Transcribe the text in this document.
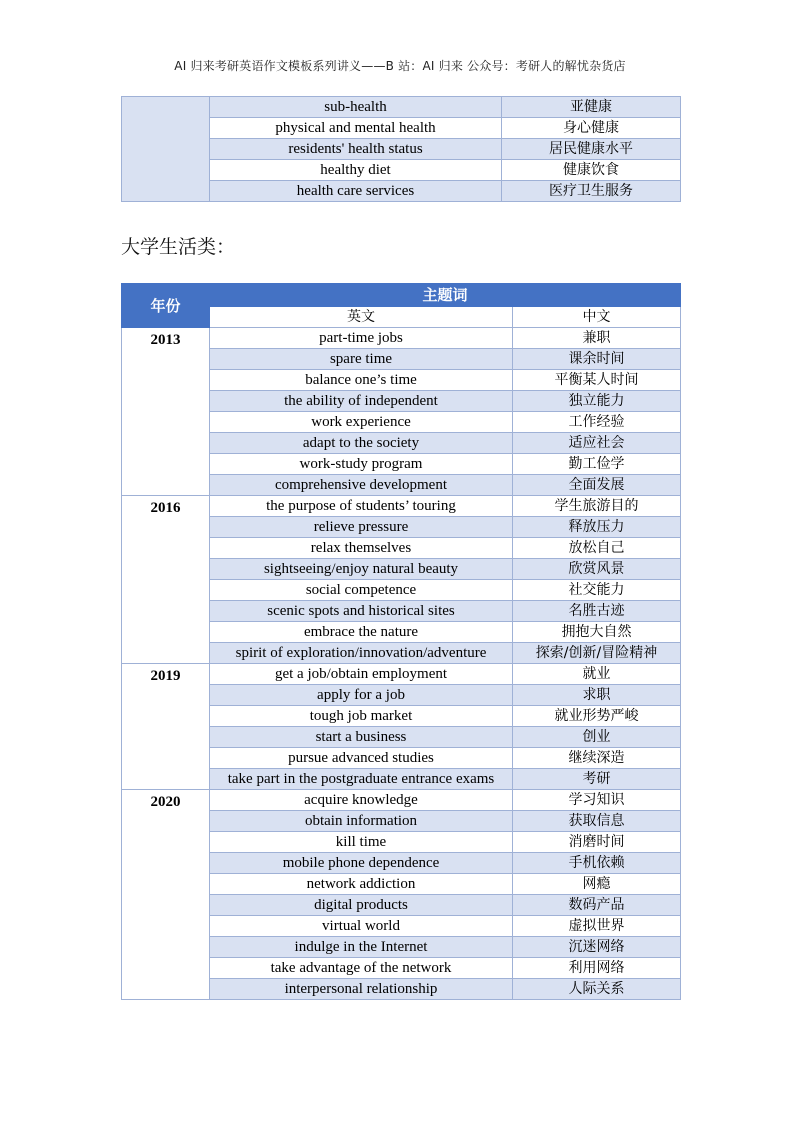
AI 归来考研英语作文模板系列讲义——B 站：AI 归来 公众号：考研人的解忧杂货店
	sub-health	亚健康
	physical and mental health	身心健康
	residents' health status	居民健康水平
	healthy diet	健康饮食
	health care services	医疗卫生服务
大学生活类：
年份	主题词	
	英文	中文
2013	part-time jobs	兼职
	spare time	课余时间
	balance one’s time	平衡某人时间
	the ability of independent	独立能力
	work experience	工作经验
	adapt to the society	适应社会
	work-study program	勤工俭学
	comprehensive development	全面发展
2016	the purpose of students’ touring	学生旅游目的
	relieve pressure	释放压力
	relax themselves	放松自己
	sightseeing/enjoy natural beauty	欣赏风景
	social competence	社交能力
	scenic spots and historical sites	名胜古迹
	embrace the nature	拥抱大自然
	spirit of exploration/innovation/adventure	探索/创新/冒险精神
2019	get a job/obtain employment	就业
	apply for a job	求职
	tough job market	就业形势严峻
	start a business	创业
	pursue advanced studies	继续深造
	take part in the postgraduate entrance exams	考研
2020	acquire knowledge	学习知识
	obtain information	获取信息
	kill time	消磨时间
	mobile phone dependence	手机依赖
	network addiction	网瘾
	digital products	数码产品
	virtual world	虚拟世界
	indulge in the Internet	沉迷网络
	take advantage of the network	利用网络
	interpersonal relationship	人际关系
